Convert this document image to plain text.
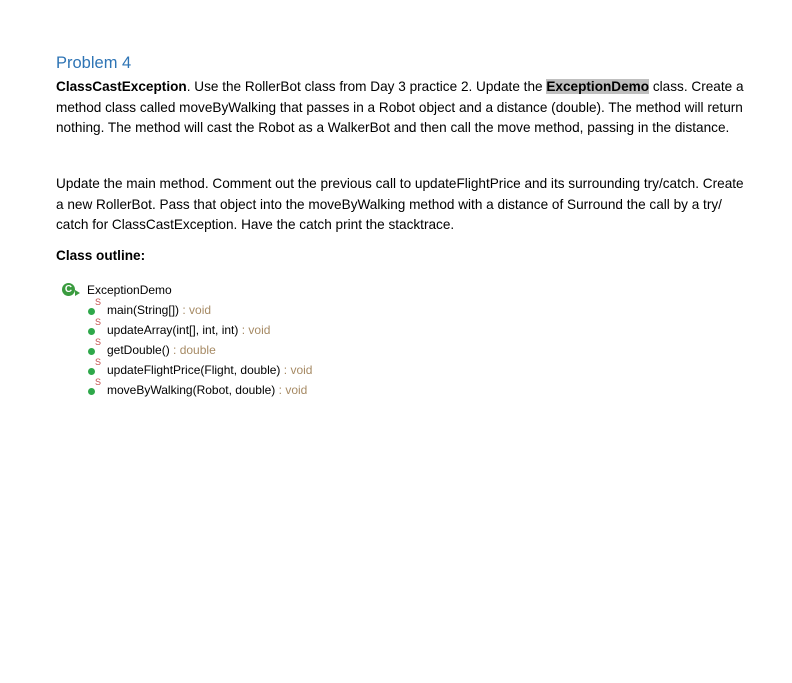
Problem 4
ClassCastException. Use the RollerBot class from Day 3 practice 2. Update the ExceptionDemo class. Create a method class called moveByWalking that passes in a Robot object and a distance (double). The method will return nothing. The method will cast the Robot as a WalkerBot and then call the move method, passing in the distance.
Update the main method. Comment out the previous call to updateFlightPrice and its surrounding try/catch. Create a new RollerBot. Pass that object into the moveByWalking method with a distance of Surround the call by a try/ catch for ClassCastException. Have the catch print the stacktrace.
Class outline:
C ExceptionDemo
S
main(String[]) : void
S
updateArray(int[], int, int) : void
S
getDouble() : double
S
updateFlightPrice(Flight, double) : void
S
moveByWalking(Robot, double) : void
